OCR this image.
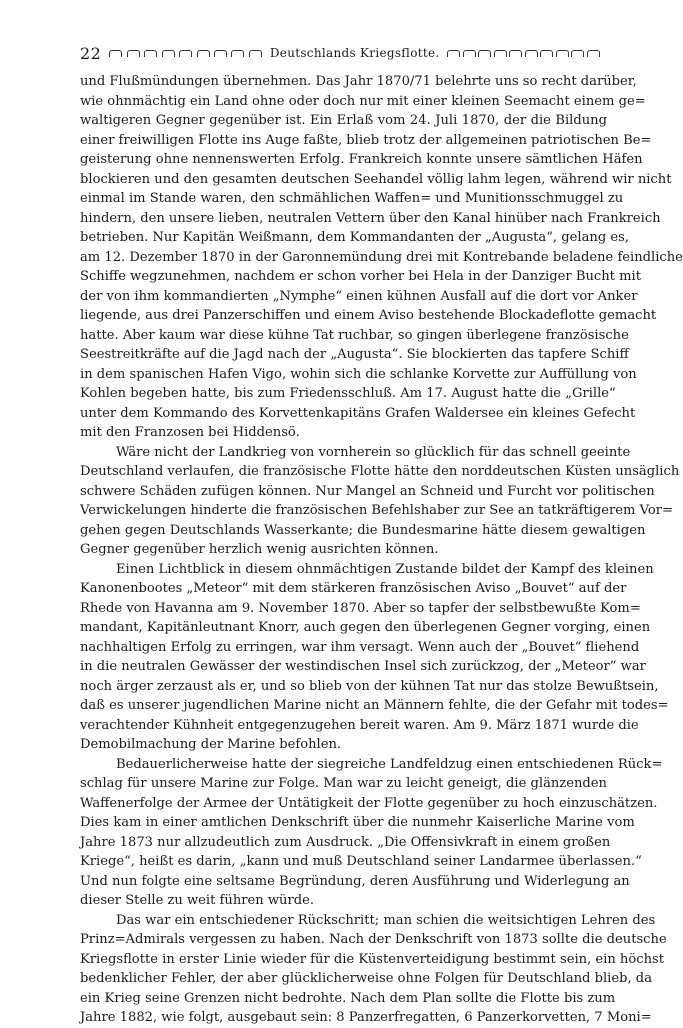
22	Deutschlands Kriegsflotte.
und Flußmündungen übernehmen. Das Jahr 1870/71 belehrte uns so recht darüber,
wie ohnmächtig ein Land ohne oder doch nur mit einer kleinen Seemacht einem ge=
waltigeren Gegner gegenüber ist. Ein Erlaß vom 24. Juli 1870, der die Bildung
einer freiwilligen Flotte ins Auge faßte, blieb trotz der allgemeinen patriotischen Be=
geisterung ohne nennenswerten Erfolg. Frankreich konnte unsere sämtlichen Häfen
blockieren und den gesamten deutschen Seehandel völlig lahm legen, während wir nicht
einmal im Stande waren, den schmählichen Waffen= und Munitionsschmuggel zu
hindern, den unsere lieben, neutralen Vettern über den Kanal hinüber nach Frankreich
betrieben. Nur Kapitän Weißmann, dem Kommandanten der „Augusta“, gelang es,
am 12. Dezember 1870 in der Garonnemündung drei mit Kontrebande beladene feindliche
Schiffe wegzunehmen, nachdem er schon vorher bei Hela in der Danziger Bucht mit
der von ihm kommandierten „Nymphe“ einen kühnen Ausfall auf die dort vor Anker
liegende, aus drei Panzerschiffen und einem Aviso bestehende Blockadeflotte gemacht
hatte. Aber kaum war diese kühne Tat ruchbar, so gingen überlegene französische
Seestreitkräfte auf die Jagd nach der „Augusta“. Sie blockierten das tapfere Schiff
in dem spanischen Hafen Vigo, wohin sich die schlanke Korvette zur Auffüllung von
Kohlen begeben hatte, bis zum Friedensschluß. Am 17. August hatte die „Grille“
unter dem Kommando des Korvettenkapitäns Grafen Waldersee ein kleines Gefecht
mit den Franzosen bei Hiddensö.
Wäre nicht der Landkrieg von vornherein so glücklich für das schnell geeinte
Deutschland verlaufen, die französische Flotte hätte den norddeutschen Küsten unsäglich
schwere Schäden zufügen können. Nur Mangel an Schneid und Furcht vor politischen
Verwickelungen hinderte die französischen Befehlshaber zur See an tatkräftigerem Vor=
gehen gegen Deutschlands Wasserkante; die Bundesmarine hätte diesem gewaltigen
Gegner gegenüber herzlich wenig ausrichten können.
Einen Lichtblick in diesem ohnmächtigen Zustande bildet der Kampf des kleinen
Kanonenbootes „Meteor“ mit dem stärkeren französischen Aviso „Bouvet“ auf der
Rhede von Havanna am 9. November 1870. Aber so tapfer der selbstbewußte Kom=
mandant, Kapitänleutnant Knorr, auch gegen den überlegenen Gegner vorging, einen
nachhaltigen Erfolg zu erringen, war ihm versagt. Wenn auch der „Bouvet“ fliehend
in die neutralen Gewässer der westindischen Insel sich zurückzog, der „Meteor“ war
noch ärger zerzaust als er, und so blieb von der kühnen Tat nur das stolze Bewußtsein,
daß es unserer jugendlichen Marine nicht an Männern fehlte, die der Gefahr mit todes=
verachtender Kühnheit entgegenzugehen bereit waren. Am 9. März 1871 wurde die
Demobilmachung der Marine befohlen.
Bedauerlicherweise hatte der siegreiche Landfeldzug einen entschiedenen Rück=
schlag für unsere Marine zur Folge. Man war zu leicht geneigt, die glänzenden
Waffenerfolge der Armee der Untätigkeit der Flotte gegenüber zu hoch einzuschätzen.
Dies kam in einer amtlichen Denkschrift über die nunmehr Kaiserliche Marine vom
Jahre 1873 nur allzudeutlich zum Ausdruck. „Die Offensivkraft in einem großen
Kriege“, heißt es darin, „kann und muß Deutschland seiner Landarmee überlassen.“
Und nun folgte eine seltsame Begründung, deren Ausführung und Widerlegung an
dieser Stelle zu weit führen würde.
Das war ein entschiedener Rückschritt; man schien die weitsichtigen Lehren des
Prinz=Admirals vergessen zu haben. Nach der Denkschrift von 1873 sollte die deutsche
Kriegsflotte in erster Linie wieder für die Küstenverteidigung bestimmt sein, ein höchst
bedenklicher Fehler, der aber glücklicherweise ohne Folgen für Deutschland blieb, da
ein Krieg seine Grenzen nicht bedrohte. Nach dem Plan sollte die Flotte bis zum
Jahre 1882, wie folgt, ausgebaut sein: 8 Panzerfregatten, 6 Panzerkorvetten, 7 Moni=
